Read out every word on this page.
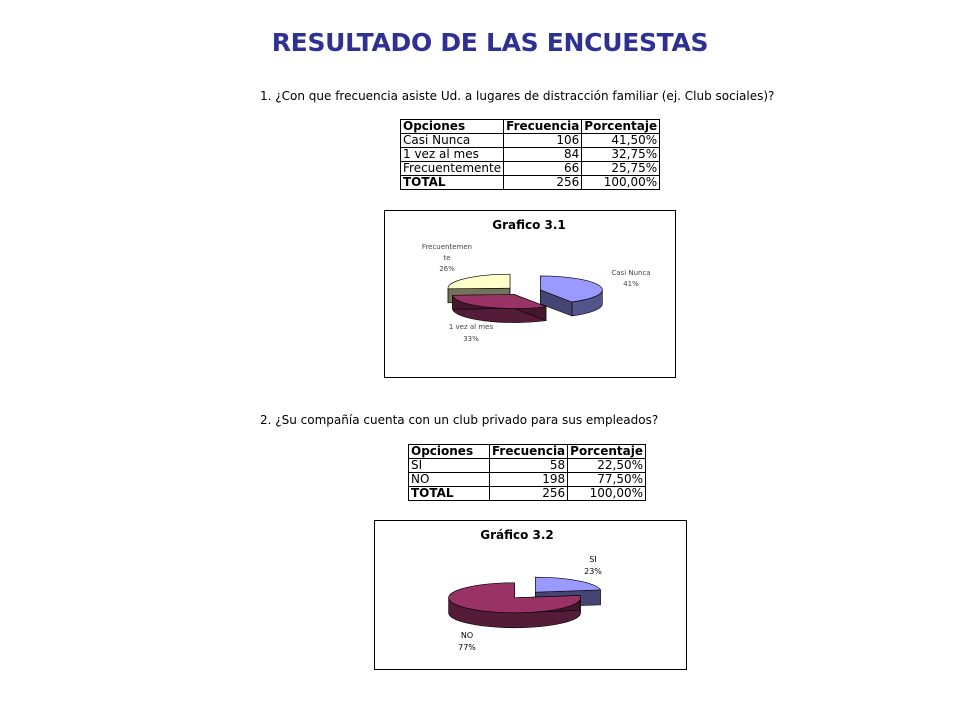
RESULTADO DE LAS ENCUESTAS
1. ¿Con que frecuencia asiste Ud. a lugares de distracción familiar (ej. Club sociales)?
Opciones	Frecuencia	Porcentaje
Casi Nunca	106	41,50%
1 vez al mes	84	32,75%
Frecuentemente	66	25,75%
TOTAL	256	100,00%
Grafico 3.1
Frecuentemen
te
26%	Casi Nunca
41%
1 vez al mes
33%
2. ¿Su compañía cuenta con un club privado para sus empleados?
Opciones	Frecuencia	Porcentaje
SI	58	22,50%
NO	198	77,50%
TOTAL	256	100,00%
Gráfico 3.2
SI
23%
NO
77%
